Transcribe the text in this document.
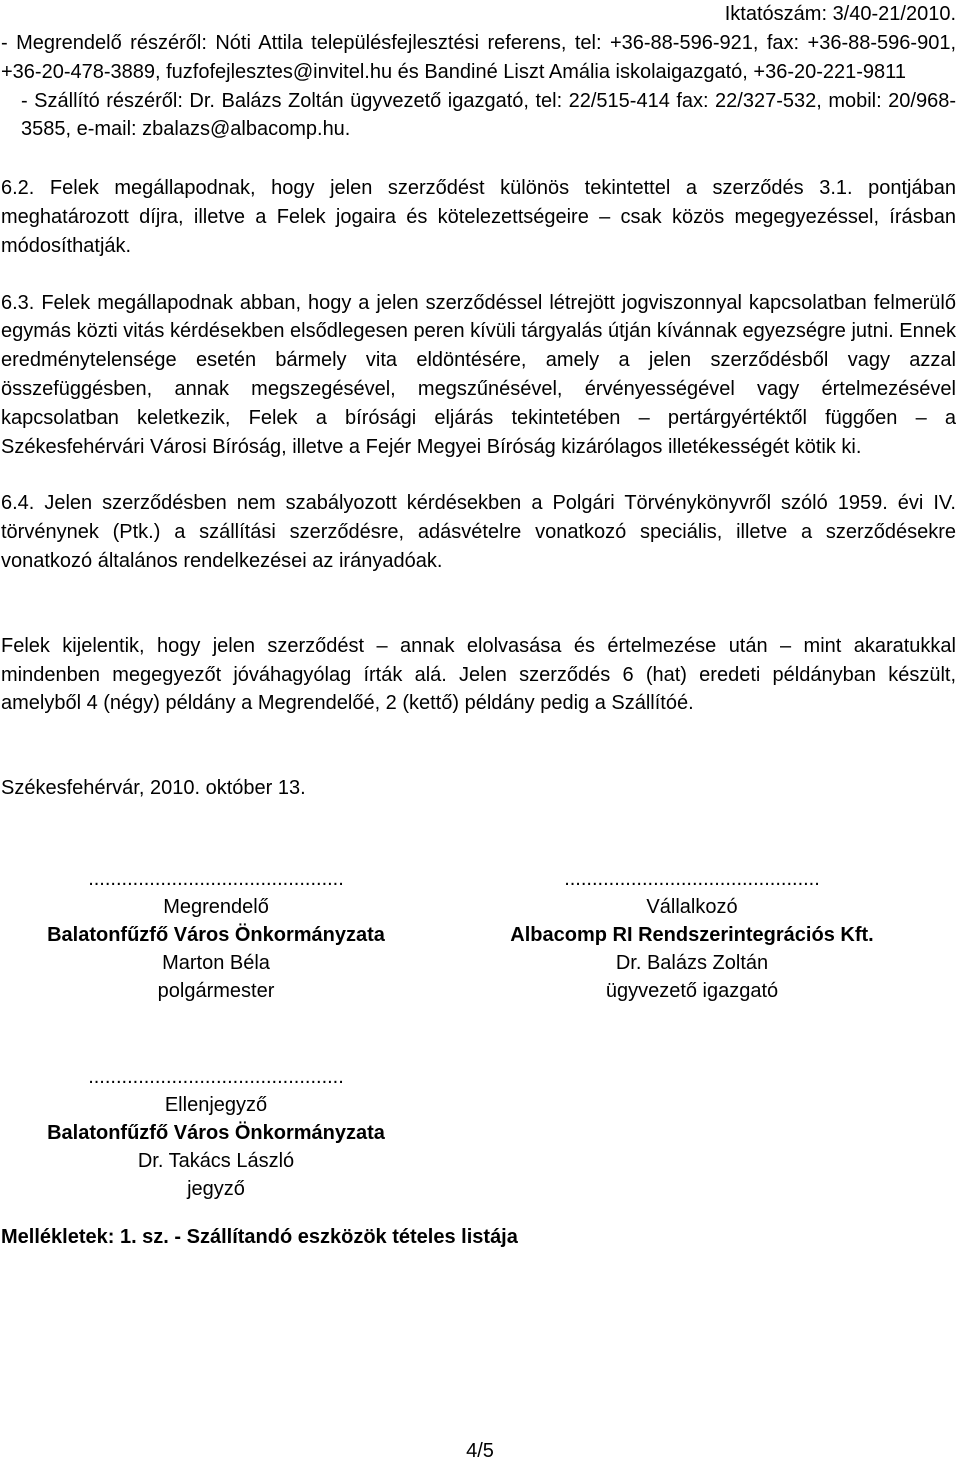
Iktatószám: 3/40-21/2010.

- Megrendelő részéről: Nóti Attila településfejlesztési referens, tel: +36-88-596-921, fax: +36-88-596-901, +36-20-478-3889, fuzfofejlesztes@invitel.hu és Bandiné Liszt Amália iskolaigazgató, +36-20-221-9811

- Szállító részéről: Dr. Balázs Zoltán ügyvezető igazgató, tel: 22/515-414 fax: 22/327-532, mobil: 20/968-3585, e-mail: zbalazs@albacomp.hu.

6.2. Felek megállapodnak, hogy jelen szerződést különös tekintettel a szerződés 3.1. pontjában meghatározott díjra, illetve a Felek jogaira és kötelezettségeire – csak közös megegyezéssel, írásban módosíthatják.

6.3. Felek megállapodnak abban, hogy a jelen szerződéssel létrejött jogviszonnyal kapcsolatban felmerülő egymás közti vitás kérdésekben elsődlegesen peren kívüli tárgyalás útján kívánnak egyezségre jutni. Ennek eredménytelensége esetén bármely vita eldöntésére, amely a jelen szerződésből vagy azzal összefüggésben, annak megszegésével, megszűnésével, érvényességével vagy értelmezésével kapcsolatban keletkezik, Felek a bírósági eljárás tekintetében – pertárgyértéktől függően – a Székesfehérvári Városi Bíróság, illetve a Fejér Megyei Bíróság kizárólagos illetékességét kötik ki.

6.4. Jelen szerződésben nem szabályozott kérdésekben a Polgári Törvénykönyvről szóló 1959. évi IV. törvénynek (Ptk.) a szállítási szerződésre, adásvételre vonatkozó speciális, illetve a szerződésekre vonatkozó általános rendelkezései az irányadóak.

Felek kijelentik, hogy jelen szerződést – annak elolvasása és értelmezése után – mint akaratukkal mindenben megegyezőt jóváhagyólag írták alá. Jelen szerződés 6 (hat) eredeti példányban készült, amelyből 4 (négy) példány a Megrendelőé, 2 (kettő) példány pedig a Szállítóé.

Székesfehérvár, 2010. október 13.

..............................................
Megrendelő
Balatonfűzfő Város Önkormányzata
Marton Béla
polgármester
..............................................
Vállalkozó
Albacomp RI Rendszerintegrációs Kft.
Dr. Balázs Zoltán
ügyvezető igazgató
..............................................
Ellenjegyző
Balatonfűzfő Város Önkormányzata
Dr. Takács László
jegyző
Mellékletek: 1. sz. - Szállítandó eszközök tételes listája
4/5
